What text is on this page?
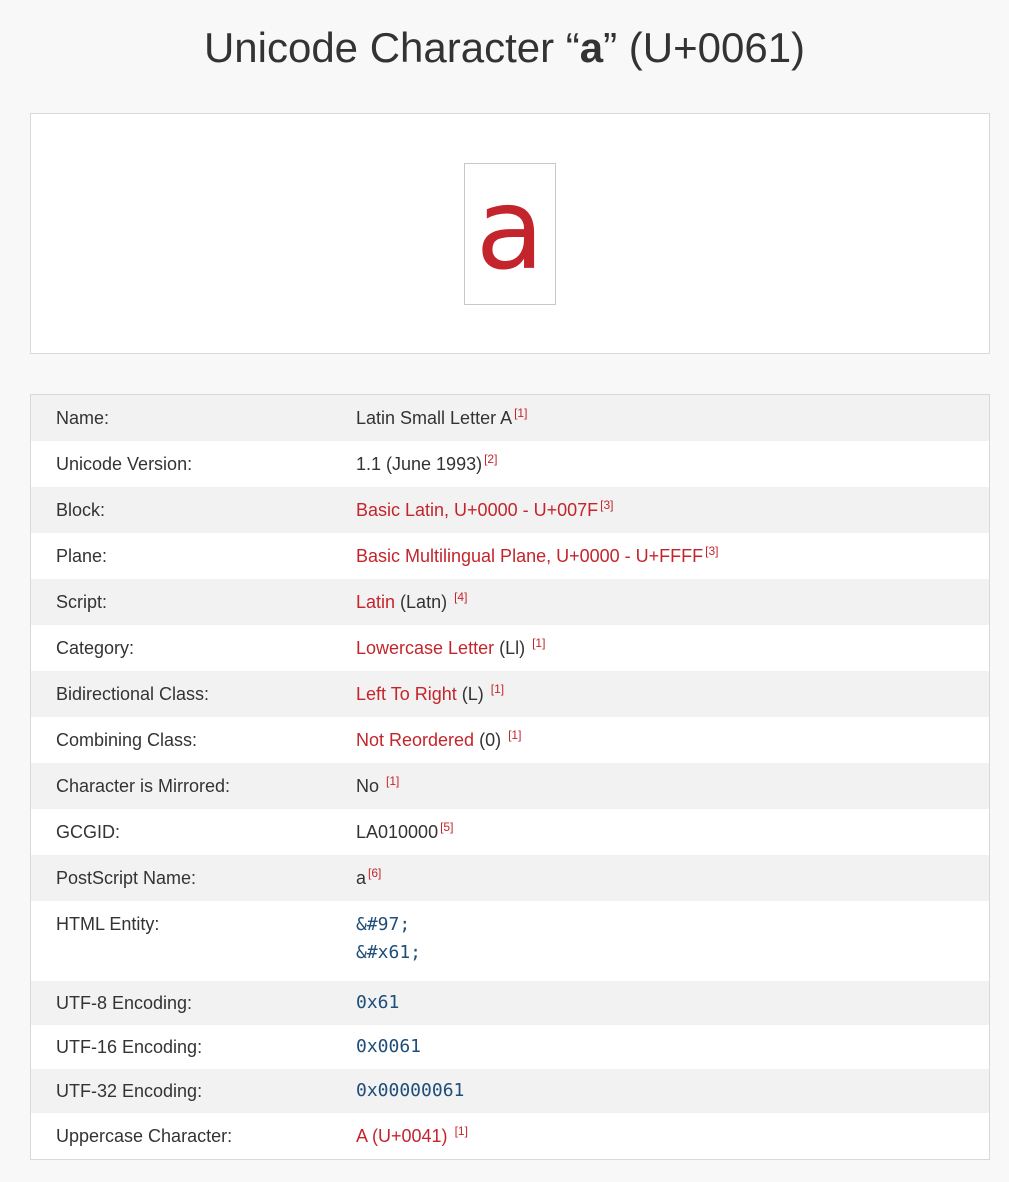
Unicode Character “a” (U+0061)
a
Name:	Latin Small Letter A [1]
Unicode Version:	1.1 (June 1993) [2]
Block:	Basic Latin, U+0000 - U+007F [3]
Plane:	Basic Multilingual Plane, U+0000 - U+FFFF [3]
Script:	Latin (Latn) [4]
Category:	Lowercase Letter (Ll) [1]
Bidirectional Class:	Left To Right (L) [1]
Combining Class:	Not Reordered (0) [1]
Character is Mirrored:	No [1]
GCGID:	LA010000 [5]
PostScript Name:	a [6]
HTML Entity:	&#97;
&#x61;
UTF-8 Encoding:	0x61
UTF-16 Encoding:	0x0061
UTF-32 Encoding:	0x00000061
Uppercase Character:	A (U+0041) [1]
